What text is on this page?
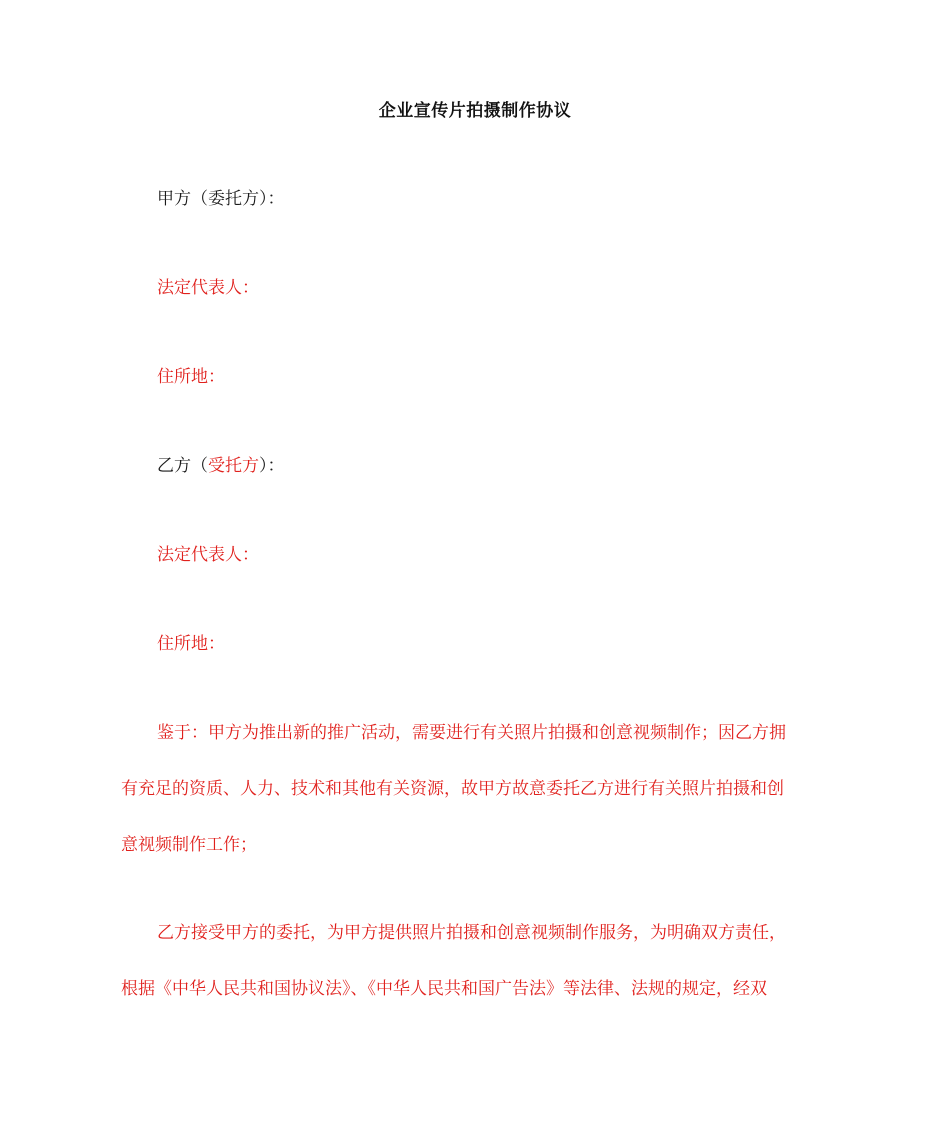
企业宣传片拍摄制作协议
甲方（委托方）：
法定代表人：
住所地：
乙方（受托方）：
法定代表人：
住所地：
鉴于：甲方为推出新的推广活动，需要进行有关照片拍摄和创意视频制作；因乙方拥
有充足的资质、人力、技术和其他有关资源，故甲方故意委托乙方进行有关照片拍摄和创
意视频制作工作；
乙方接受甲方的委托，为甲方提供照片拍摄和创意视频制作服务，为明确双方责任，
根据《中华人民共和国协议法》、《中华人民共和国广告法》等法律、法规的规定，经双
